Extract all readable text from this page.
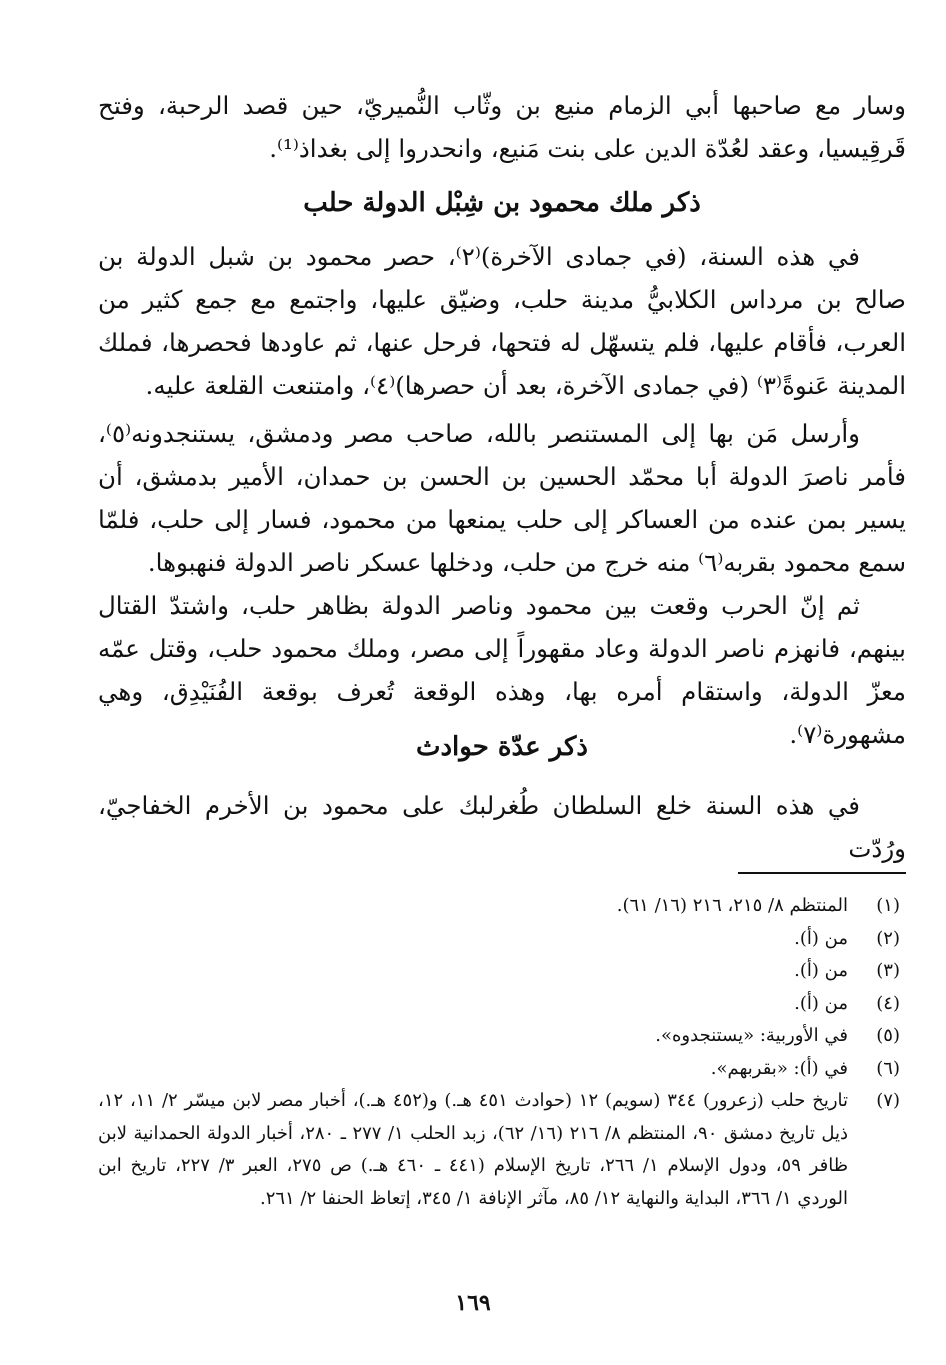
وسار مع صاحبها أبي الزمام منيع بن وثّاب النُّميريّ، حين قصد الرحبة، وفتح قَرقِيسيا، وعقد لعُدّة الدين على بنت مَنيع، وانحدروا إلى بغداذ⁽¹⁾.

ذكر ملك محمود بن شِبْل الدولة حلب

في هذه السنة، (في جمادى الآخرة)⁽٢⁾، حصر محمود بن شبل الدولة بن صالح بن مرداس الكلابيُّ مدينة حلب، وضيّق عليها، واجتمع مع جمع كثير من العرب، فأقام عليها، فلم يتسهّل له فتحها، فرحل عنها، ثم عاودها فحصرها، فملك المدينة عَنوةً⁽٣⁾ (في جمادى الآخرة، بعد أن حصرها)⁽٤⁾، وامتنعت القلعة عليه.

وأرسل مَن بها إلى المستنصر بالله، صاحب مصر ودمشق، يستنجدونه⁽٥⁾، فأمر ناصرَ الدولة أبا محمّد الحسين بن الحسن بن حمدان، الأمير بدمشق، أن يسير بمن عنده من العساكر إلى حلب يمنعها من محمود، فسار إلى حلب، فلمّا سمع محمود بقربه⁽٦⁾ منه خرج من حلب، ودخلها عسكر ناصر الدولة فنهبوها.

ثم إنّ الحرب وقعت بين محمود وناصر الدولة بظاهر حلب، واشتدّ القتال بينهم، فانهزم ناصر الدولة وعاد مقهوراً إلى مصر، وملك محمود حلب، وقتل عمّه معزّ الدولة، واستقام أمره بها، وهذه الوقعة تُعرف بوقعة الفُنَيْدِق، وهي مشهورة⁽٧⁾.

ذكر عدّة حوادث

في هذه السنة خلع السلطان طُغرلبك على محمود بن الأخرم الخفاجيّ، ورُدّت

(١)
المنتظم ٨/ ٢١٥، ٢١٦ (١٦/ ٦١).
(٢)
من (أ).
(٣)
من (أ).
(٤)
من (أ).
(٥)
في الأوربية: «يستنجدوه».
(٦)
في (أ): «بقربهم».
(٧)
تاريخ حلب (زعرور) ٣٤٤ (سويم) ١٢ (حوادث ٤٥١ هـ.) و(٤٥٢ هـ.)، أخبار مصر لابن ميسّر ٢/ ١١، ١٢، ذيل تاريخ دمشق ٩٠، المنتظم ٨/ ٢١٦ (١٦/ ٦٢)، زبد الحلب ١/ ٢٧٧ ـ ٢٨٠، أخبار الدولة الحمدانية لابن ظافر ٥٩، ودول الإسلام ١/ ٢٦٦، تاريخ الإسلام (٤٤١ ـ ٤٦٠ هـ.) ص ٢٧٥، العبر ٣/ ٢٢٧، تاريخ ابن الوردي ١/ ٣٦٦، البداية والنهاية ١٢/ ٨٥، مآثر الإنافة ١/ ٣٤٥، إتعاظ الحنفا ٢/ ٢٦١.
١٦٩
